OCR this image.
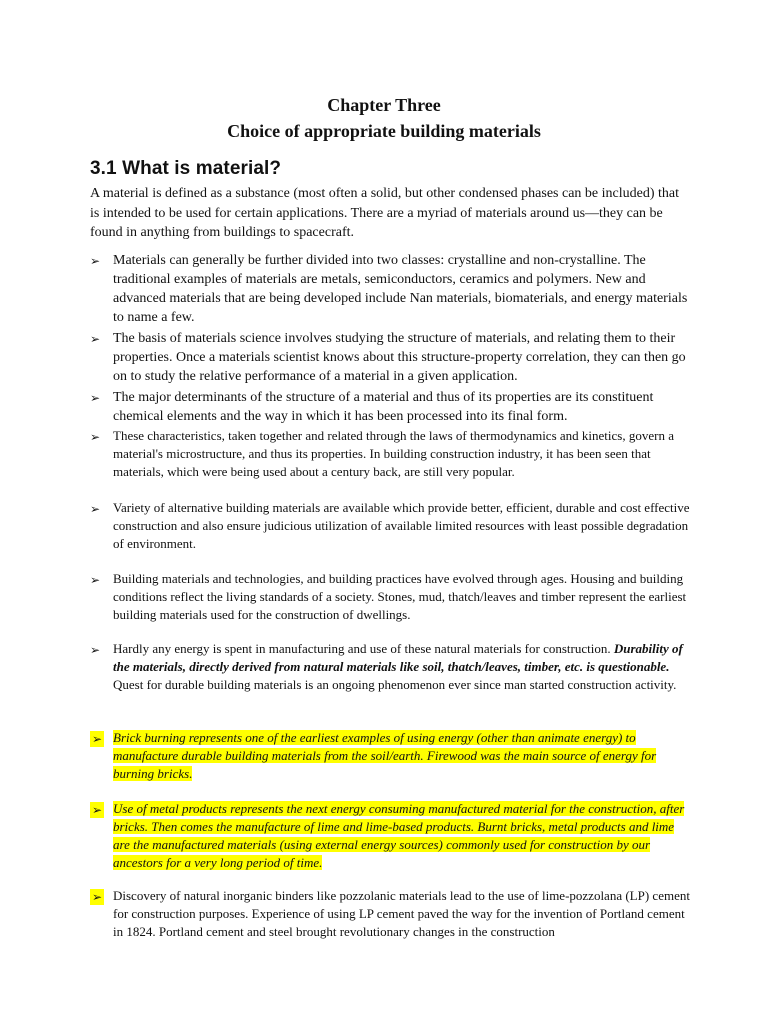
Chapter Three
Choice of appropriate building materials
3.1 What is material?
A material is defined as a substance (most often a solid, but other condensed phases can be included) that is intended to be used for certain applications. There are a myriad of materials around us—they can be found in anything from buildings to spacecraft.
➢ Materials can generally be further divided into two classes: crystalline and non-crystalline. The traditional examples of materials are metals, semiconductors, ceramics and polymers. New and advanced materials that are being developed include Nan materials, biomaterials, and energy materials to name a few.
➢ The basis of materials science involves studying the structure of materials, and relating them to their properties. Once a materials scientist knows about this structure-property correlation, they can then go on to study the relative performance of a material in a given application.
➢ The major determinants of the structure of a material and thus of its properties are its constituent chemical elements and the way in which it has been processed into its final form.
➢ These characteristics, taken together and related through the laws of thermodynamics and kinetics, govern a material's microstructure, and thus its properties. In building construction industry, it has been seen that materials, which were being used about a century back, are still very popular.
➢ Variety of alternative building materials are available which provide better, efficient, durable and cost effective construction and also ensure judicious utilization of available limited resources with least possible degradation of environment.
➢ Building materials and technologies, and building practices have evolved through ages. Housing and building conditions reflect the living standards of a society. Stones, mud, thatch/leaves and timber represent the earliest building materials used for the construction of dwellings.
➢ Hardly any energy is spent in manufacturing and use of these natural materials for construction. Durability of the materials, directly derived from natural materials like soil, thatch/leaves, timber, etc. is questionable. Quest for durable building materials is an ongoing phenomenon ever since man started construction activity.
➢ Brick burning represents one of the earliest examples of using energy (other than animate energy) to manufacture durable building materials from the soil/earth. Firewood was the main source of energy for burning bricks.
➢ Use of metal products represents the next energy consuming manufactured material for the construction, after bricks. Then comes the manufacture of lime and lime-based products. Burnt bricks, metal products and lime are the manufactured materials (using external energy sources) commonly used for construction by our ancestors for a very long period of time.
➢ Discovery of natural inorganic binders like pozzolanic materials lead to the use of lime-pozzolana (LP) cement for construction purposes. Experience of using LP cement paved the way for the invention of Portland cement in 1824. Portland cement and steel brought revolutionary changes in the construction
